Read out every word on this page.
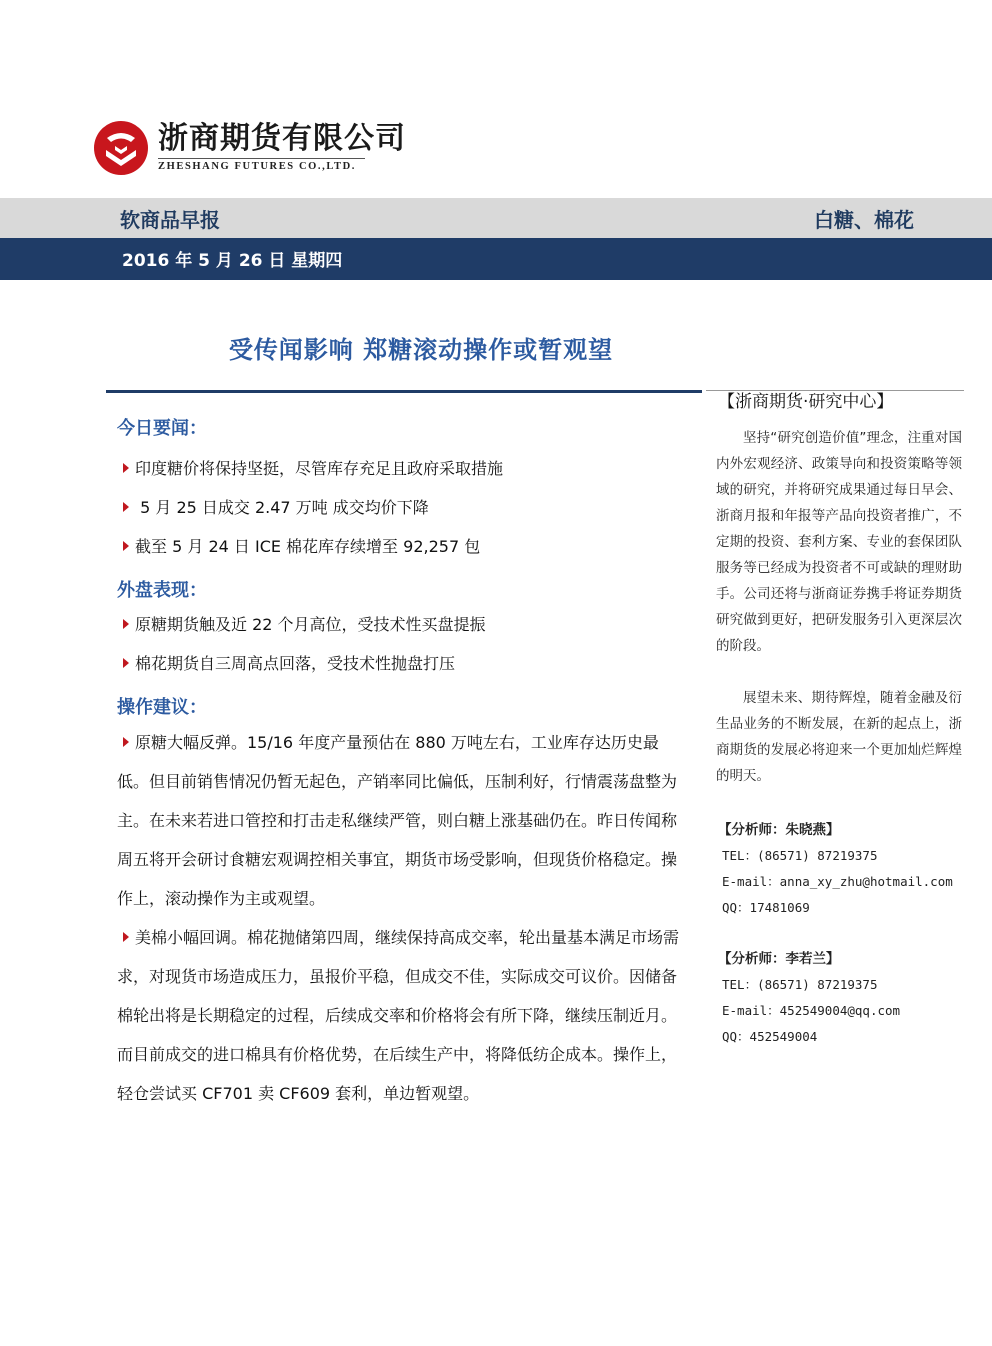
浙商期货有限公司
ZHESHANG FUTURES CO.,LTD.
软商品早报	白糖、棉花
2016 年 5 月 26 日 星期四
受传闻影响 郑糖滚动操作或暂观望
今日要闻：
印度糖价将保持坚挺，尽管库存充足且政府采取措施
5 月 25 日成交 2.47 万吨 成交均价下降
截至 5 月 24 日 ICE 棉花库存续增至 92,257 包
外盘表现：
原糖期货触及近 22 个月高位，受技术性买盘提振
棉花期货自三周高点回落，受技术性抛盘打压
操作建议：
原糖大幅反弹。15/16 年度产量预估在 880 万吨左右，工业库存达历史最低。但目前销售情况仍暂无起色，产销率同比偏低，压制利好，行情震荡盘整为主。在未来若进口管控和打击走私继续严管，则白糖上涨基础仍在。昨日传闻称周五将开会研讨食糖宏观调控相关事宜，期货市场受影响，但现货价格稳定。操作上，滚动操作为主或观望。
美棉小幅回调。棉花抛储第四周，继续保持高成交率，轮出量基本满足市场需求，对现货市场造成压力，虽报价平稳，但成交不佳，实际成交可议价。因储备棉轮出将是长期稳定的过程，后续成交率和价格将会有所下降，继续压制近月。而目前成交的进口棉具有价格优势，在后续生产中，将降低纺企成本。操作上，轻仓尝试买 CF701 卖 CF609 套利，单边暂观望。
【浙商期货·研究中心】
坚持“研究创造价值”理念，注重对国内外宏观经济、政策导向和投资策略等领域的研究，并将研究成果通过每日早会、浙商月报和年报等产品向投资者推广，不定期的投资、套利方案、专业的套保团队服务等已经成为投资者不可或缺的理财助手。公司还将与浙商证券携手将证券期货研究做到更好，把研发服务引入更深层次的阶段。
展望未来、期待辉煌，随着金融及衍生品业务的不断发展，在新的起点上，浙商期货的发展必将迎来一个更加灿烂辉煌的明天。
【分析师：朱晓燕】
TEL：(86571) 87219375
E-mail：anna_xy_zhu@hotmail.com
QQ：17481069
【分析师：李若兰】
TEL：(86571) 87219375
E-mail：452549004@qq.com
QQ：452549004
